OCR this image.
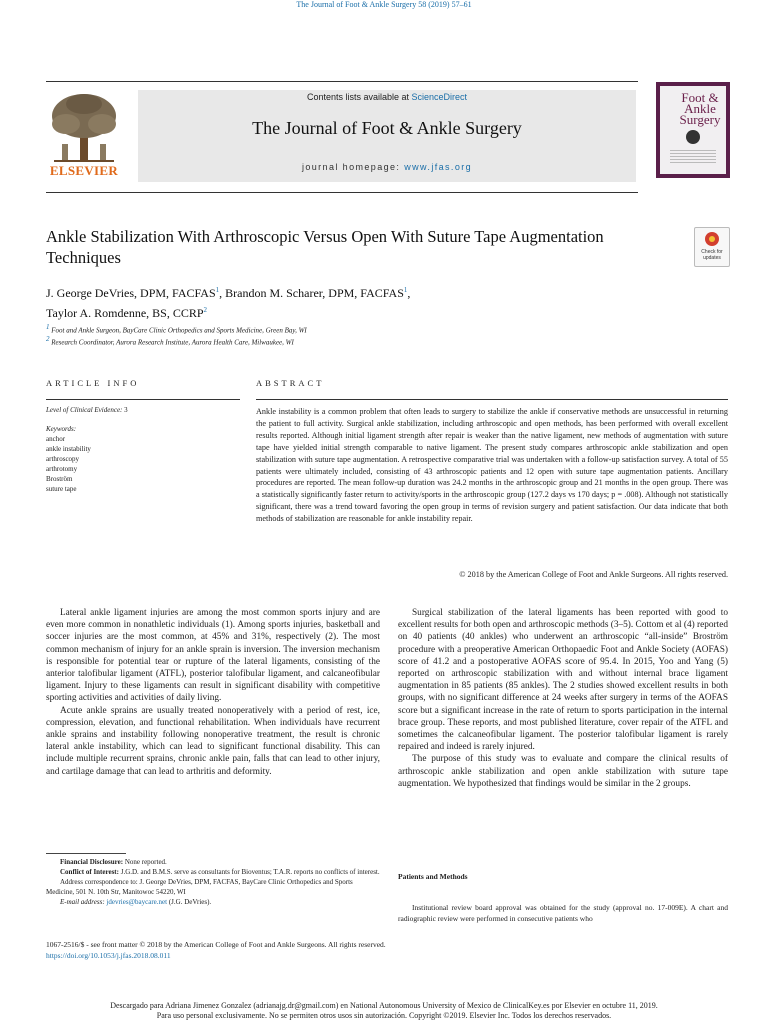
The Journal of Foot & Ankle Surgery 58 (2019) 57–61
ELSEVIER
Contents lists available at ScienceDirect
The Journal of Foot & Ankle Surgery
journal homepage: www.jfas.org
Foot & Ankle Surgery
Ankle Stabilization With Arthroscopic Versus Open With Suture Tape Augmentation Techniques	Check for updates
J. George DeVries, DPM, FACFAS$^1$, Brandon M. Scharer, DPM, FACFAS$^1$,
Taylor A. Romdenne, BS, CCRP$^2$
$^1$ Foot and Ankle Surgeon, BayCare Clinic Orthopedics and Sports Medicine, Green Bay, WI
$^2$ Research Coordinator, Aurora Research Institute, Aurora Health Care, Milwaukee, WI
ARTICLE INFO	ABSTRACT
Level of Clinical Evidence: 3
Keywords:
anchor
ankle instability
arthroscopy
arthrotomy
Broström
suture tape
Ankle instability is a common problem that often leads to surgery to stabilize the ankle if conservative methods are unsuccessful in returning the patient to full activity. Surgical ankle stabilization, including arthroscopic and open methods, has been performed with overall excellent results reported. Although initial ligament strength after repair is weaker than the native ligament, new methods of augmentation with suture tape have yielded initial strength comparable to native ligament. The present study compares arthroscopic ankle stabilization and open stabilization with suture tape augmentation. A retrospective comparative trial was undertaken with a follow-up satisfaction survey. A total of 55 patients were ultimately included, consisting of 43 arthroscopic patients and 12 open with suture tape augmentation patients. Ancillary procedures are reported. The mean follow-up duration was 24.2 months in the arthroscopic group and 21 months in the open group. There was a statistically significantly faster return to activity/sports in the arthroscopic group (127.2 days vs 170 days; p = .008). Although not statistically significant, there was a trend toward favoring the open group in terms of revision surgery and patient satisfaction. Our data indicate that both methods of stabilization are reasonable for ankle instability repair.
© 2018 by the American College of Foot and Ankle Surgeons. All rights reserved.

Lateral ankle ligament injuries are among the most common sports injury and are even more common in nonathletic individuals (1). Among sports injuries, basketball and soccer injuries are the most common, at 45% and 31%, respectively (2). The most common mechanism of injury for an ankle sprain is inversion. The inversion mechanism is responsible for potential tear or rupture of the lateral ligaments, consisting of the anterior talofibular ligament (ATFL), posterior talofibular ligament, and calcaneofibular ligament. Injury to these ligaments can result in significant disability with competitive sporting activities and activities of daily living.

Acute ankle sprains are usually treated nonoperatively with a period of rest, ice, compression, elevation, and functional rehabilitation. When individuals have recurrent ankle sprains and instability following nonoperative treatment, the result is chronic lateral ankle instability, which can lead to significant functional disability. This can include multiple recurrent sprains, chronic ankle pain, falls that can lead to other injury, and cartilage damage that can lead to arthritis and deformity.

Surgical stabilization of the lateral ligaments has been reported with good to excellent results for both open and arthroscopic methods (3–5). Cottom et al (4) reported on 40 patients (40 ankles) who underwent an arthroscopic “all-inside” Broström procedure with a preoperative American Orthopaedic Foot and Ankle Society (AOFAS) score of 41.2 and a postoperative AOFAS score of 95.4. In 2015, Yoo and Yang (5) reported on arthroscopic stabilization with and without internal brace ligament augmentation in 85 patients (85 ankles). The 2 studies showed excellent results in both groups, with no significant difference at 24 weeks after surgery in terms of the AOFAS score but a significant increase in the rate of return to sports participation in the internal brace group. These reports, and most published literature, cover repair of the ATFL and sometimes the calcaneofibular ligament. The posterior talofibular ligament is rarely repaired and indeed is rarely injured.

The purpose of this study was to evaluate and compare the clinical results of arthroscopic ankle stabilization and open ankle stabilization with suture tape augmentation. We hypothesized that findings would be similar in the 2 groups.

Patients and Methods

Institutional review board approval was obtained for the study (approval no. 17-009E). A chart and radiographic review were performed in consecutive patients who

Financial Disclosure: None reported.

Conflict of Interest: J.G.D. and B.M.S. serve as consultants for Bioventus; T.A.R. reports no conflicts of interest.

Address correspondence to: J. George DeVries, DPM, FACFAS, BayCare Clinic Orthopedics and Sports Medicine, 501 N. 10th Str, Manitowoc 54220, WI

E-mail address: jdevries@baycare.net (J.G. DeVries).

1067-2516/$ - see front matter © 2018 by the American College of Foot and Ankle Surgeons. All rights reserved.
https://doi.org/10.1053/j.jfas.2018.08.011
Descargado para Adriana Jimenez Gonzalez (adrianajg.dr@gmail.com) en National Autonomous University of Mexico de ClinicalKey.es por Elsevier en octubre 11, 2019.
Para uso personal exclusivamente. No se permiten otros usos sin autorización. Copyright ©2019. Elsevier Inc. Todos los derechos reservados.
